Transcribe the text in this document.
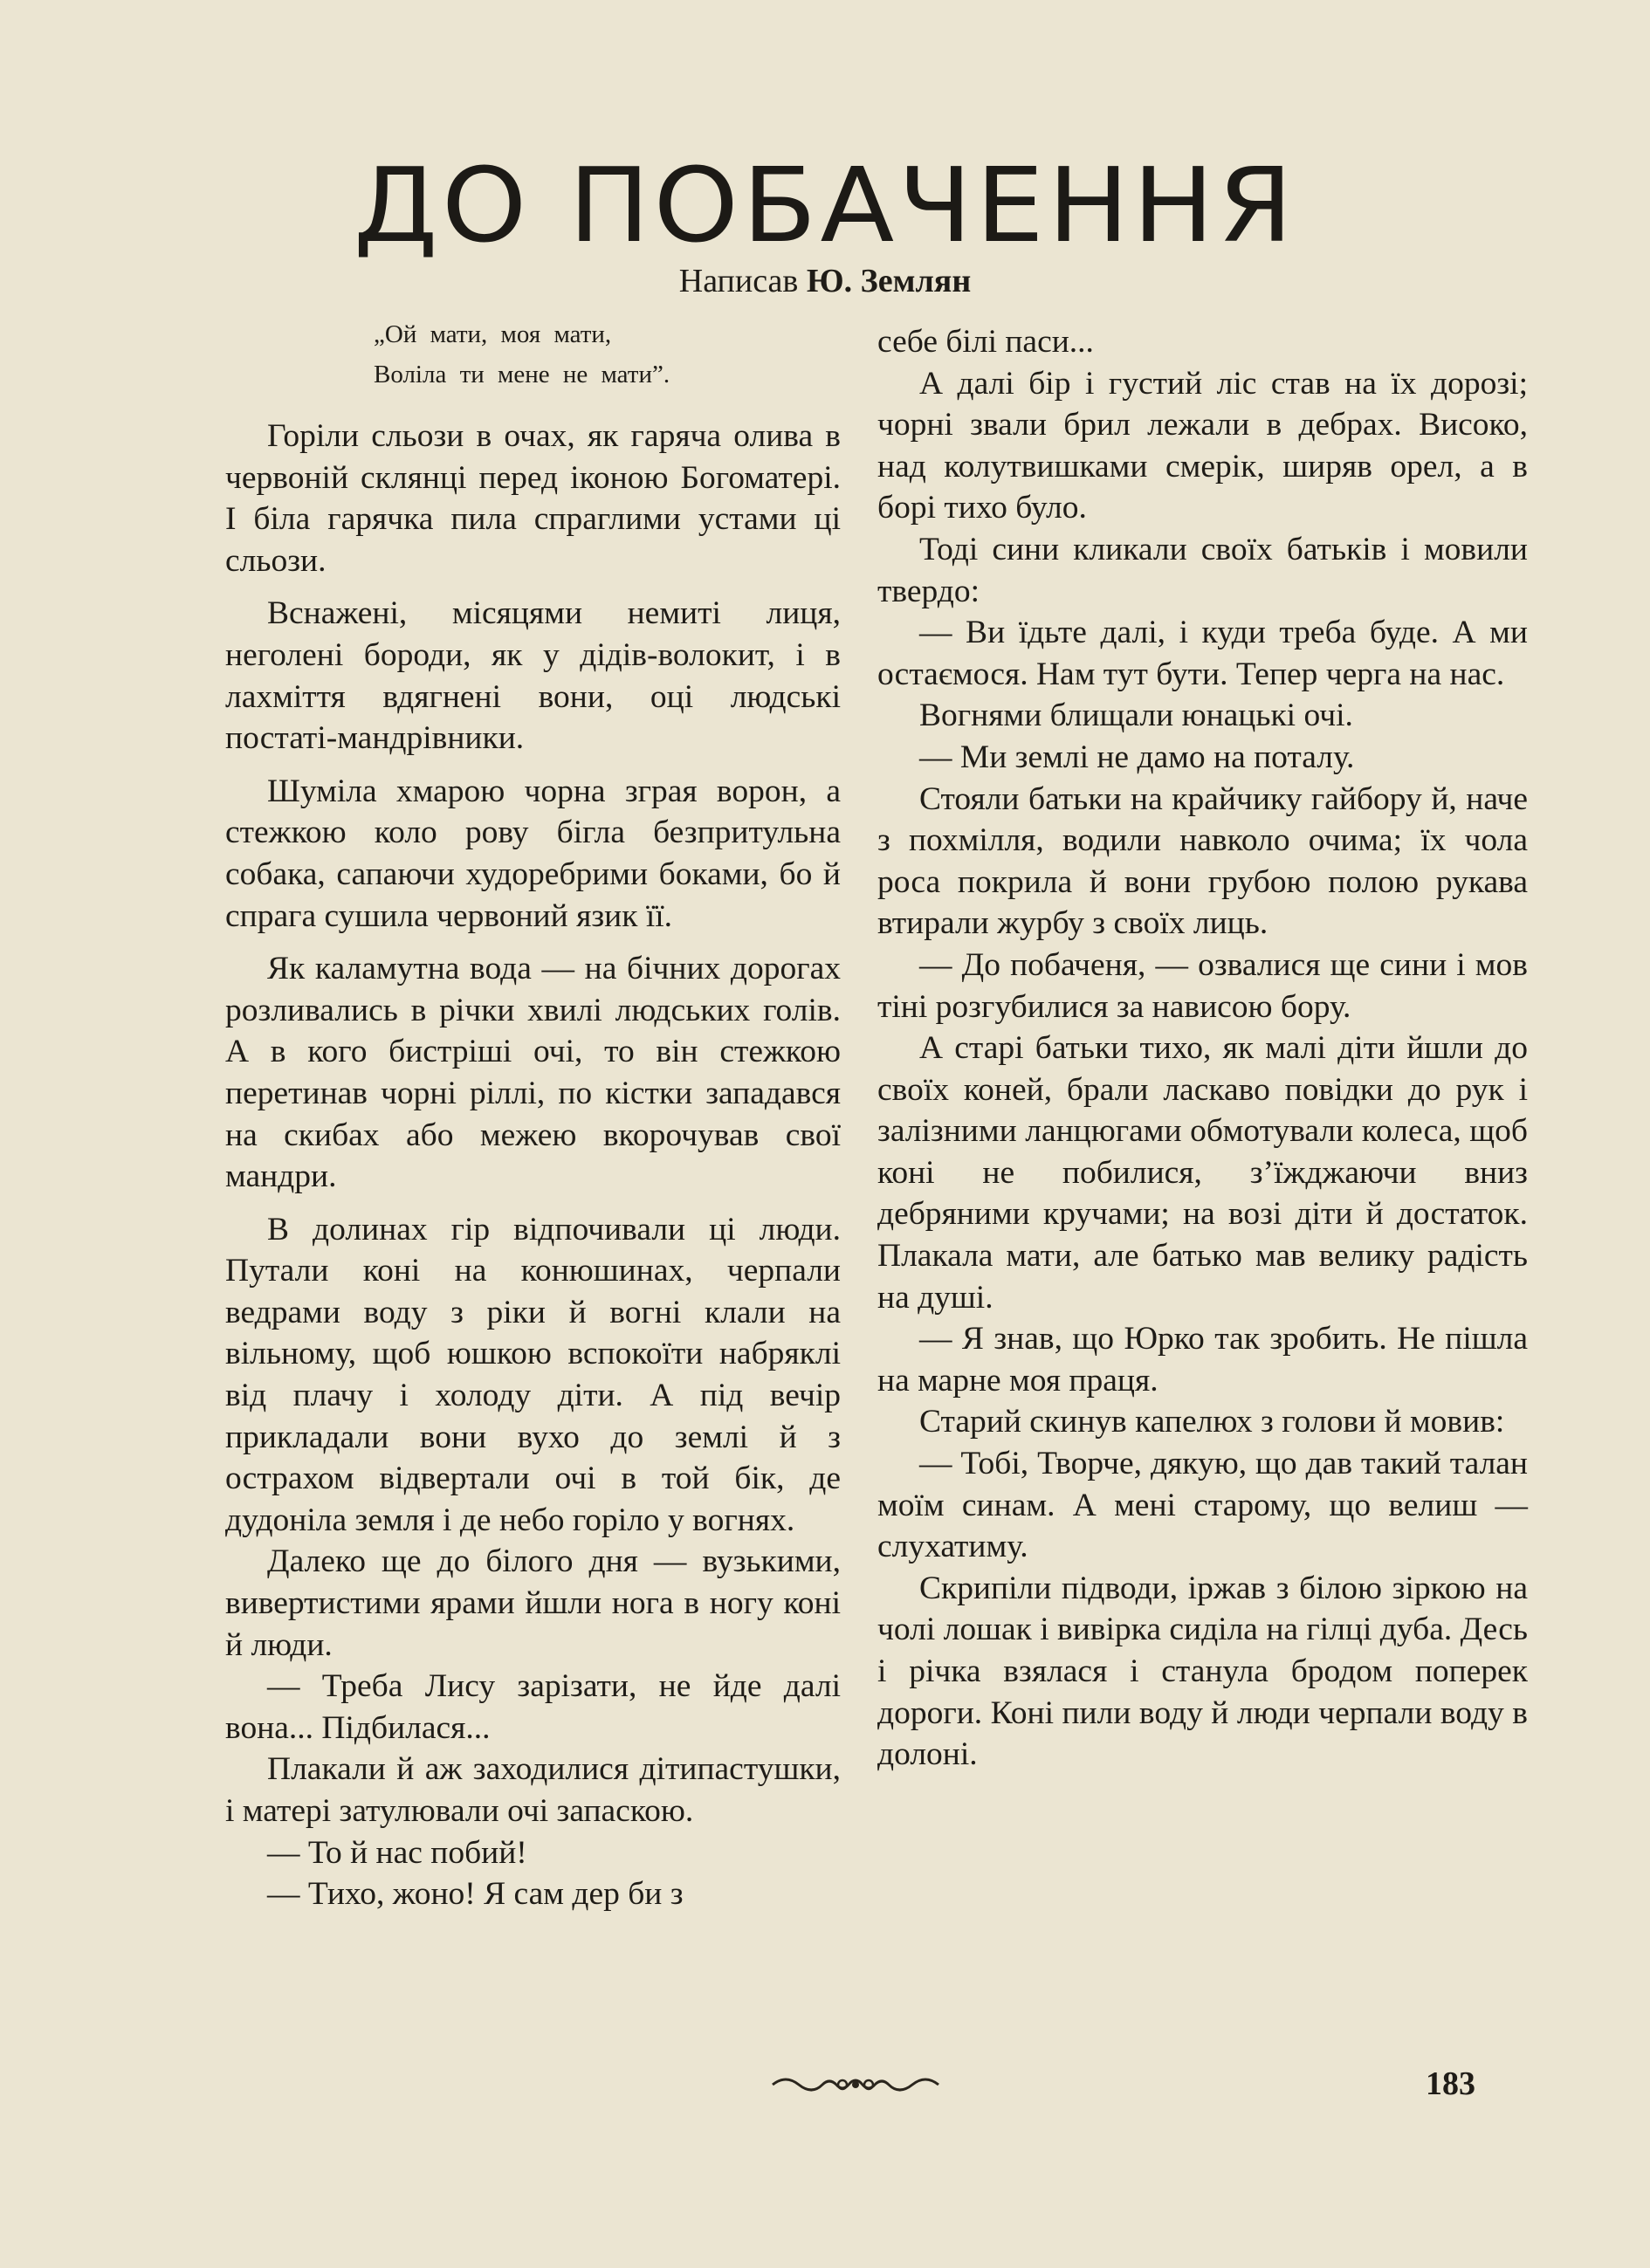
ДО ПОБАЧЕННЯ
Написав Ю. Землян
„Ой мати, моя мати,
Воліла ти мене не мати”.

Горіли сльози в очах, як гаряча олива в червоній склянці перед іконою Богоматері. І біла гарячка пила спраглими устами ці сльози.

Вснажені, місяцями немиті лиця, неголені бороди, як у дідів-волокит, і в лахміття вдягнені вони, оці людські постаті-мандрівники.

Шуміла хмарою чорна зграя ворон, а стежкою коло рову бігла безпритульна собака, сапаючи худоребрими боками, бо й спрага сушила червоний язик її.

Як каламутна вода — на бічних дорогах розливались в річки хвилі людських голів. А в кого бистріші очі, то він стежкою перетинав чорні ріллі, по кістки западався на скибах або межею вкорочував свої мандри.

В долинах гір відпочивали ці люди. Путали коні на конюшинах, черпали ведрами воду з ріки й вогні клали на вільному, щоб юшкою вспокоїти набряклі від плачу і холоду діти. А під вечір прикладали вони вухо до землі й з острахом відвертали очі в той бік, де дудоніла земля і де небо горіло у вогнях.

Далеко ще до білого дня — вузькими, вивертистими ярами йшли нога в ногу коні й люди.

— Треба Лису зарізати, не йде далі вона... Підбилася...

Плакали й аж заходилися дітипастушки, і матері затулювали очі запаскою.

— То й нас побий!

— Тихо, жоно! Я сам дер би з

себе білі паси...

А далі бір і густий ліс став на їх дорозі; чорні звали брил лежали в дебрах. Високо, над колутвишками смерік, ширяв орел, а в борі тихо було.

Тоді сини кликали своїх батьків і мовили твердо:

— Ви їдьте далі, і куди треба буде. А ми остаємося. Нам тут бути. Тепер черга на нас.

Вогнями блищали юнацькі очі.

— Ми землі не дамо на поталу.

Стояли батьки на крайчику гайбору й, наче з похмілля, водили навколо очима; їх чола роса покрила й вони грубою полою рукава втирали журбу з своїх лиць.

— До побаченя, — озвалися ще сини і мов тіні розгубилися за нависою бору.

А старі батьки тихо, як малі діти йшли до своїх коней, брали ласкаво повідки до рук і залізними ланцюгами обмотували колеса, щоб коні не побилися, з’їжджаючи вниз дебряними кручами; на возі діти й достаток. Плакала мати, але батько мав велику радість на душі.

— Я знав, що Юрко так зробить. Не пішла на марне моя праця.

Старий скинув капелюх з голови й мовив:

— Тобі, Творче, дякую, що дав такий талан моїм синам. А мені старому, що велиш — слухатиму.

Скрипіли підводи, іржав з білою зіркою на чолі лошак і вивірка сиділа на гілці дуба. Десь і річка взялася і станула бродом поперек дороги. Коні пили воду й люди черпали воду в долоні.

183
